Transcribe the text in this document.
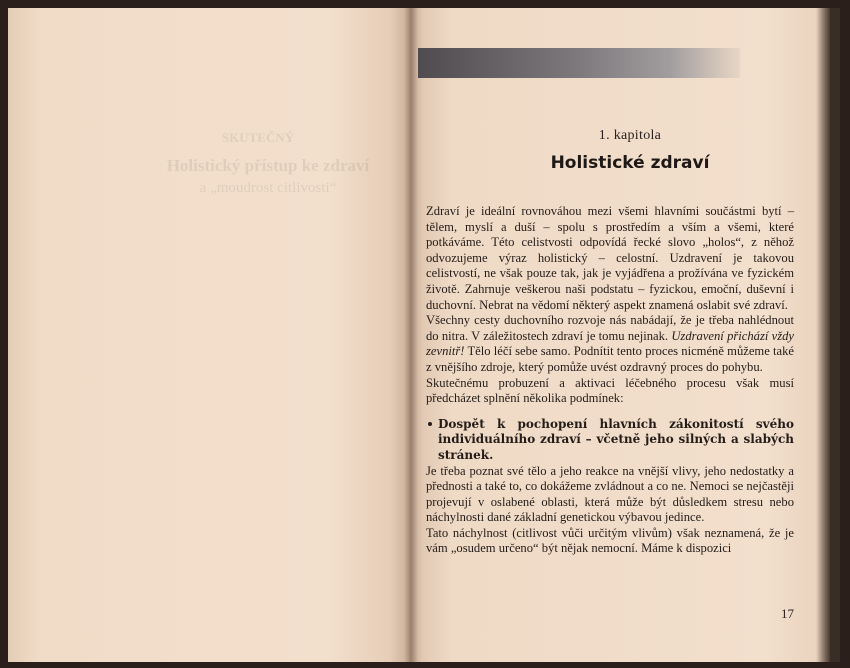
SKUTEČNÝ
Holistický přístup ke zdraví
a „moudrost citlivosti“
1. kapitola
Holistické zdraví

Zdraví je ideální rovnováhou mezi všemi hlavními součástmi bytí – tělem, myslí a duší – spolu s prostředím a vším a všemi, které potkáváme. Této celistvosti odpovídá řecké slovo „holos“, z něhož odvozujeme výraz holistický – celostní. Uzdravení je takovou celistvostí, ne však pouze tak, jak je vyjádřena a prožívána ve fyzickém životě. Zahrnuje veškerou naši podstatu – fyzickou, emoční, duševní i duchovní. Nebrat na vědomí některý aspekt znamená oslabit své zdraví.

Všechny cesty duchovního rozvoje nás nabádají, že je třeba nahlédnout do nitra. V záležitostech zdraví je tomu nejinak. Uzdravení přichází vždy zevnitř! Tělo léčí sebe samo. Podnítit tento proces nicméně můžeme také z vnějšího zdroje, který pomůže uvést ozdravný proces do pohybu.

Skutečnému probuzení a aktivaci léčebného procesu však musí předcházet splnění několika podmínek:

Dospět k pochopení hlavních zákonitostí svého individuálního zdraví – včetně jeho silných a slabých stránek.

Je třeba poznat své tělo a jeho reakce na vnější vlivy, jeho nedostatky a přednosti a také to, co dokážeme zvládnout a co ne. Nemoci se nejčastěji projevují v oslabené oblasti, která může být důsledkem stresu nebo náchylnosti dané základní genetickou výbavou jedince.

Tato náchylnost (citlivost vůči určitým vlivům) však neznamená, že je vám „osudem určeno“ být nějak nemocní. Máme k dispozici

17
